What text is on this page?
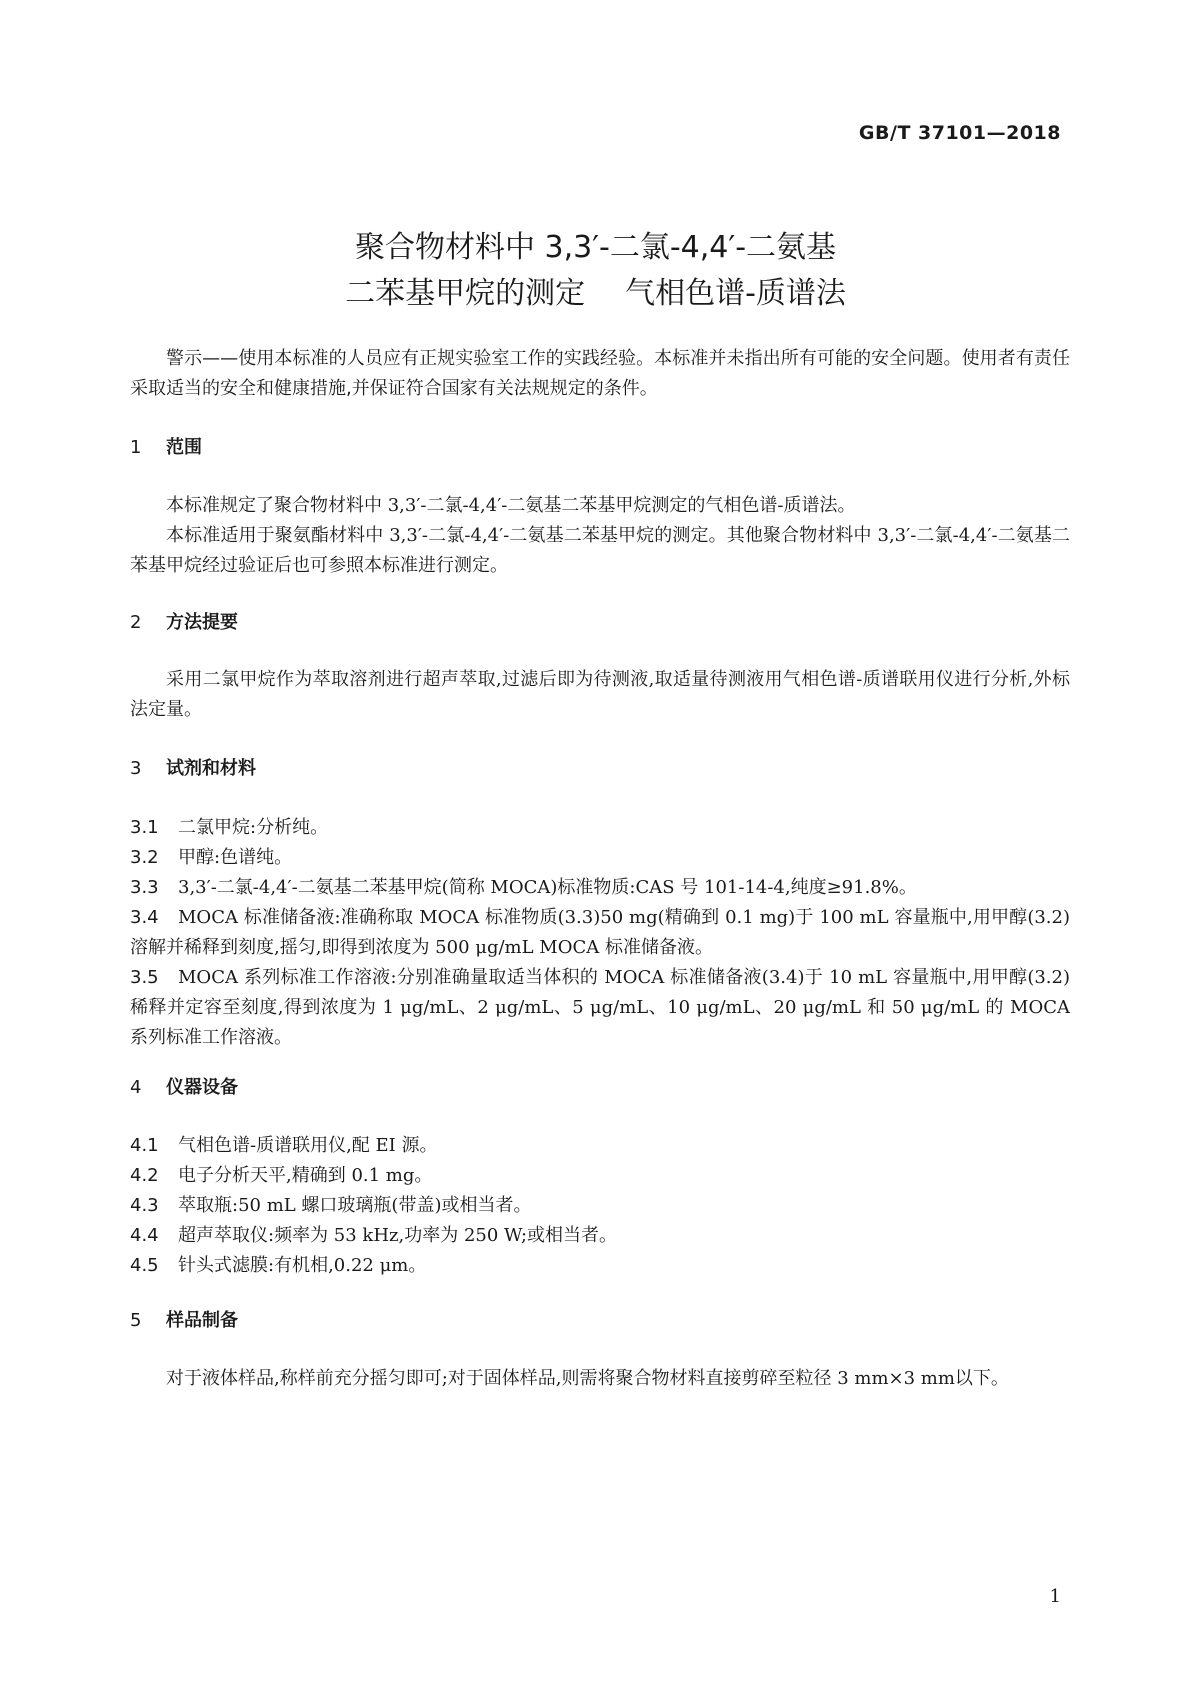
GB/T 37101—2018
聚合物材料中 3,3′-二氯-4,4′-二氨基
二苯基甲烷的测定 气相色谱-质谱法
警示——使用本标准的人员应有正规实验室工作的实践经验。本标准并未指出所有可能的安全问题。使用者有责任采取适当的安全和健康措施,并保证符合国家有关法规规定的条件。
1 范围
本标准规定了聚合物材料中 3,3′-二氯-4,4′-二氨基二苯基甲烷测定的气相色谱-质谱法。
本标准适用于聚氨酯材料中 3,3′-二氯-4,4′-二氨基二苯基甲烷的测定。其他聚合物材料中 3,3′-二氯-4,4′-二氨基二苯基甲烷经过验证后也可参照本标准进行测定。
2 方法提要
采用二氯甲烷作为萃取溶剂进行超声萃取,过滤后即为待测液,取适量待测液用气相色谱-质谱联用仪进行分析,外标法定量。
3 试剂和材料
3.1 二氯甲烷:分析纯。
3.2 甲醇:色谱纯。
3.3 3,3′-二氯-4,4′-二氨基二苯基甲烷(简称 MOCA)标准物质:CAS 号 101-14-4,纯度≥91.8%。
3.4 MOCA 标准储备液:准确称取 MOCA 标准物质(3.3)50 mg(精确到 0.1 mg)于 100 mL 容量瓶中,用甲醇(3.2)溶解并稀释到刻度,摇匀,即得到浓度为 500 μg/mL MOCA 标准储备液。
3.5 MOCA 系列标准工作溶液:分别准确量取适当体积的 MOCA 标准储备液(3.4)于 10 mL 容量瓶中,用甲醇(3.2)稀释并定容至刻度,得到浓度为 1 μg/mL、2 μg/mL、5 μg/mL、10 μg/mL、20 μg/mL 和 50 μg/mL 的 MOCA 系列标准工作溶液。
4 仪器设备
4.1 气相色谱-质谱联用仪,配 EI 源。
4.2 电子分析天平,精确到 0.1 mg。
4.3 萃取瓶:50 mL 螺口玻璃瓶(带盖)或相当者。
4.4 超声萃取仪:频率为 53 kHz,功率为 250 W;或相当者。
4.5 针头式滤膜:有机相,0.22 μm。
5 样品制备
对于液体样品,称样前充分摇匀即可;对于固体样品,则需将聚合物材料直接剪碎至粒径 3 mm×3 mm以下。
1
